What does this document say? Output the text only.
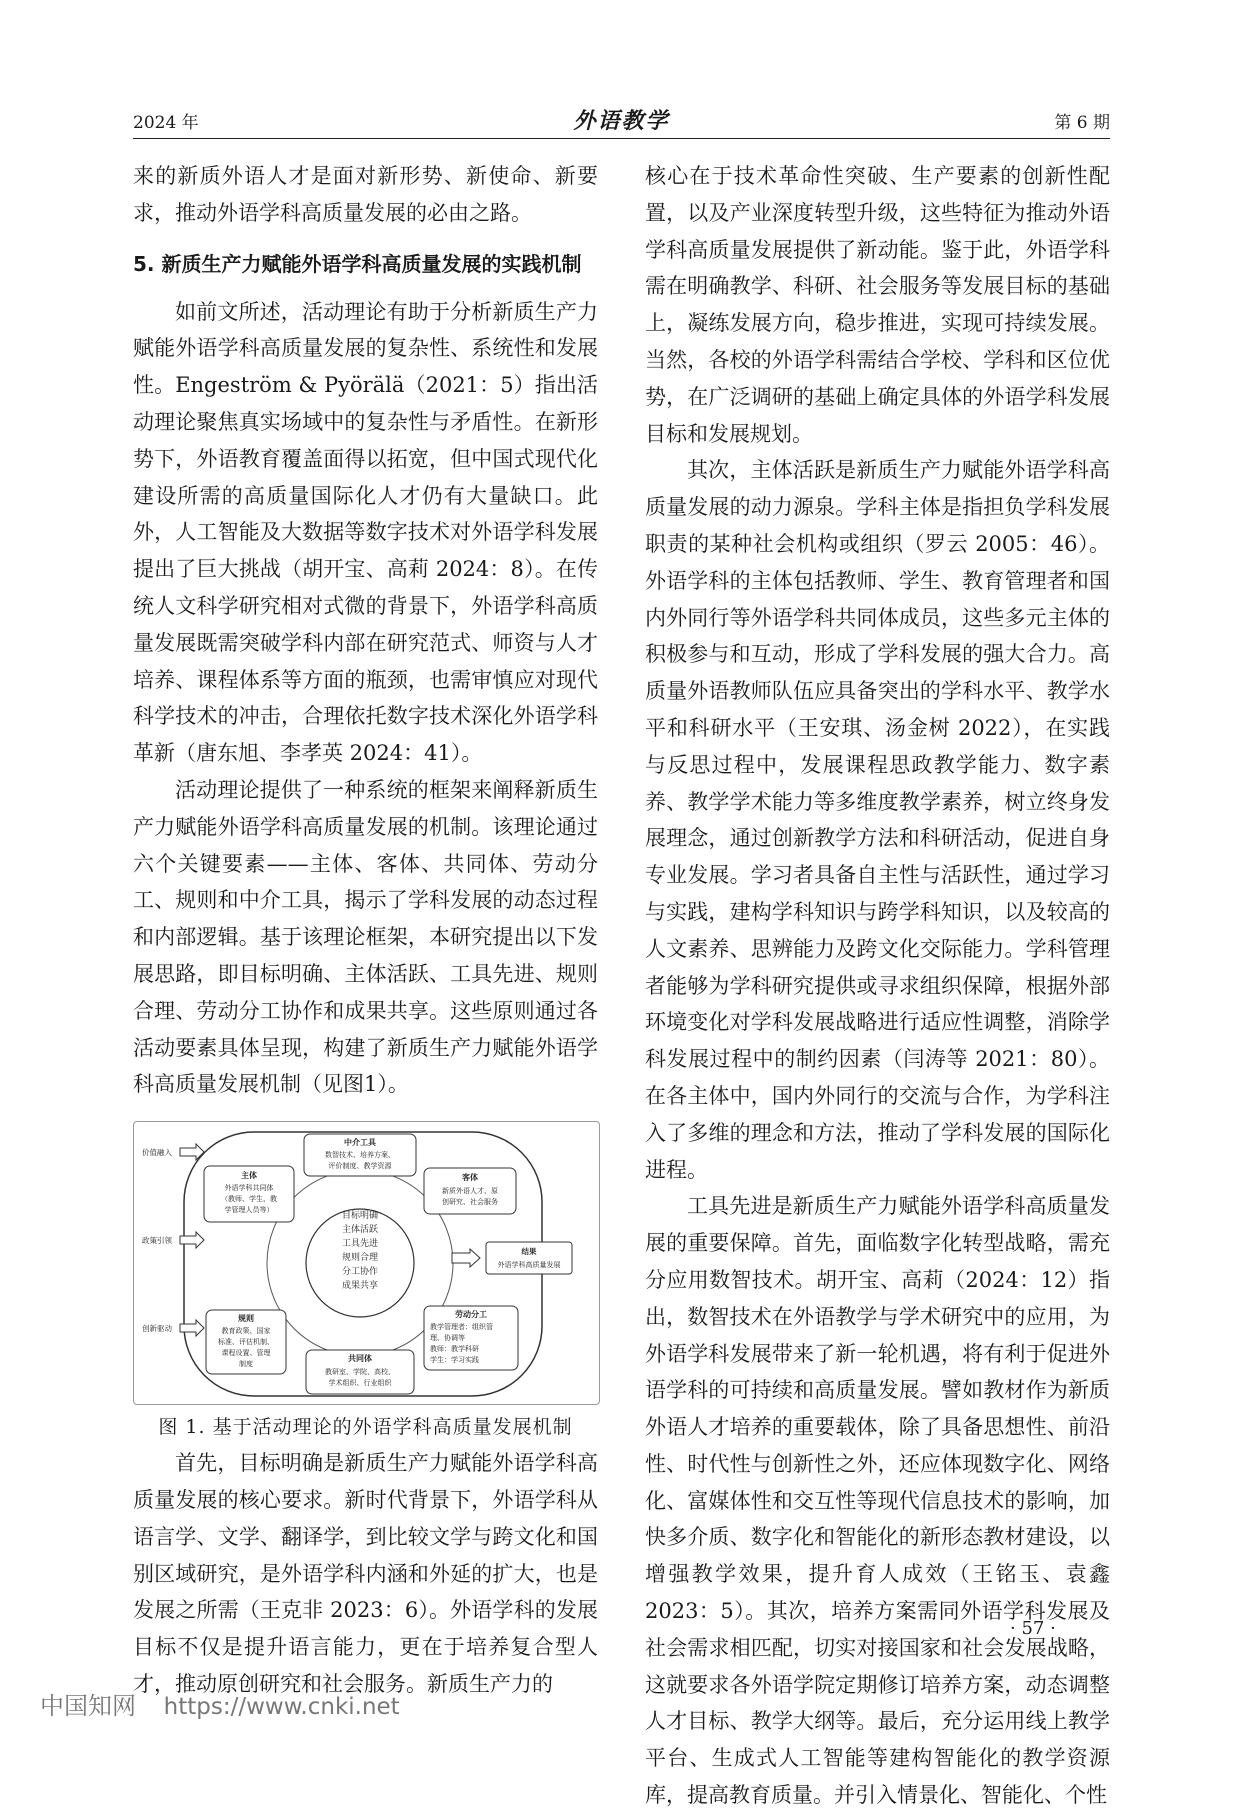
2024 年	外语教学	第 6 期

来的新质外语人才是面对新形势、新使命、新要求，推动外语学科高质量发展的必由之路。

5. 新质生产力赋能外语学科高质量发展的实践机制

如前文所述，活动理论有助于分析新质生产力赋能外语学科高质量发展的复杂性、系统性和发展性。Engeström & Pyörälä（2021：5）指出活动理论聚焦真实场域中的复杂性与矛盾性。在新形势下，外语教育覆盖面得以拓宽，但中国式现代化建设所需的高质量国际化人才仍有大量缺口。此外，人工智能及大数据等数字技术对外语学科发展提出了巨大挑战（胡开宝、高莉 2024：8）。在传统人文科学研究相对式微的背景下，外语学科高质量发展既需突破学科内部在研究范式、师资与人才培养、课程体系等方面的瓶颈，也需审慎应对现代科学技术的冲击，合理依托数字技术深化外语学科革新（唐东旭、李孝英 2024：41）。

活动理论提供了一种系统的框架来阐释新质生产力赋能外语学科高质量发展的机制。该理论通过六个关键要素——主体、客体、共同体、劳动分工、规则和中介工具，揭示了学科发展的动态过程和内部逻辑。基于该理论框架，本研究提出以下发展思路，即目标明确、主体活跃、工具先进、规则合理、劳动分工协作和成果共享。这些原则通过各活动要素具体呈现，构建了新质生产力赋能外语学科高质量发展机制（见图1）。

目标明确
主体活跃
工具先进
规则合理
分工协作
成果共享
中介工具
数智技术、培养方案、
评价制度、教学资源
主体
外语学科共同体
（教师、学生、教
学管理人员等）
客体
新质外语人才、原
创研究、社会服务
规则
教育政策、国家
标准、评估机制、
课程设置、管理
制度
共同体
教研室、学院、高校、
学术组织、行业组织
劳动分工
教学管理者：组织管
理、协调等
教师：教学科研
学生：学习实践
结果
外语学科高质量发展
价值融入
政策引领
创新驱动
图 1. 基于活动理论的外语学科高质量发展机制

首先，目标明确是新质生产力赋能外语学科高质量发展的核心要求。新时代背景下，外语学科从语言学、文学、翻译学，到比较文学与跨文化和国别区域研究，是外语学科内涵和外延的扩大，也是发展之所需（王克非 2023：6）。外语学科的发展目标不仅是提升语言能力，更在于培养复合型人才，推动原创研究和社会服务。新质生产力的

核心在于技术革命性突破、生产要素的创新性配置，以及产业深度转型升级，这些特征为推动外语学科高质量发展提供了新动能。鉴于此，外语学科需在明确教学、科研、社会服务等发展目标的基础上，凝练发展方向，稳步推进，实现可持续发展。当然，各校的外语学科需结合学校、学科和区位优势，在广泛调研的基础上确定具体的外语学科发展目标和发展规划。

其次，主体活跃是新质生产力赋能外语学科高质量发展的动力源泉。学科主体是指担负学科发展职责的某种社会机构或组织（罗云 2005：46）。外语学科的主体包括教师、学生、教育管理者和国内外同行等外语学科共同体成员，这些多元主体的积极参与和互动，形成了学科发展的强大合力。高质量外语教师队伍应具备突出的学科水平、教学水平和科研水平（王安琪、汤金树 2022），在实践与反思过程中，发展课程思政教学能力、数字素养、教学学术能力等多维度教学素养，树立终身发展理念，通过创新教学方法和科研活动，促进自身专业发展。学习者具备自主性与活跃性，通过学习与实践，建构学科知识与跨学科知识，以及较高的人文素养、思辨能力及跨文化交际能力。学科管理者能够为学科研究提供或寻求组织保障，根据外部环境变化对学科发展战略进行适应性调整，消除学科发展过程中的制约因素（闫涛等 2021：80）。在各主体中，国内外同行的交流与合作，为学科注入了多维的理念和方法，推动了学科发展的国际化进程。

工具先进是新质生产力赋能外语学科高质量发展的重要保障。首先，面临数字化转型战略，需充分应用数智技术。胡开宝、高莉（2024：12）指出，数智技术在外语教学与学术研究中的应用，为外语学科发展带来了新一轮机遇，将有利于促进外语学科的可持续和高质量发展。譬如教材作为新质外语人才培养的重要载体，除了具备思想性、前沿性、时代性与创新性之外，还应体现数字化、网络化、富媒体性和交互性等现代信息技术的影响，加快多介质、数字化和智能化的新形态教材建设，以增强教学效果，提升育人成效（王铭玉、袁鑫 2023：5）。其次，培养方案需同外语学科发展及社会需求相匹配，切实对接国家和社会发展战略，这就要求各外语学院定期修订培养方案，动态调整人才目标、教学大纲等。最后，充分运用线上教学平台、生成式人工智能等建构智能化的教学资源库，提高教育质量。并引入情景化、智能化、个性

· 57 ·
中国知网 https://www.cnki.net
